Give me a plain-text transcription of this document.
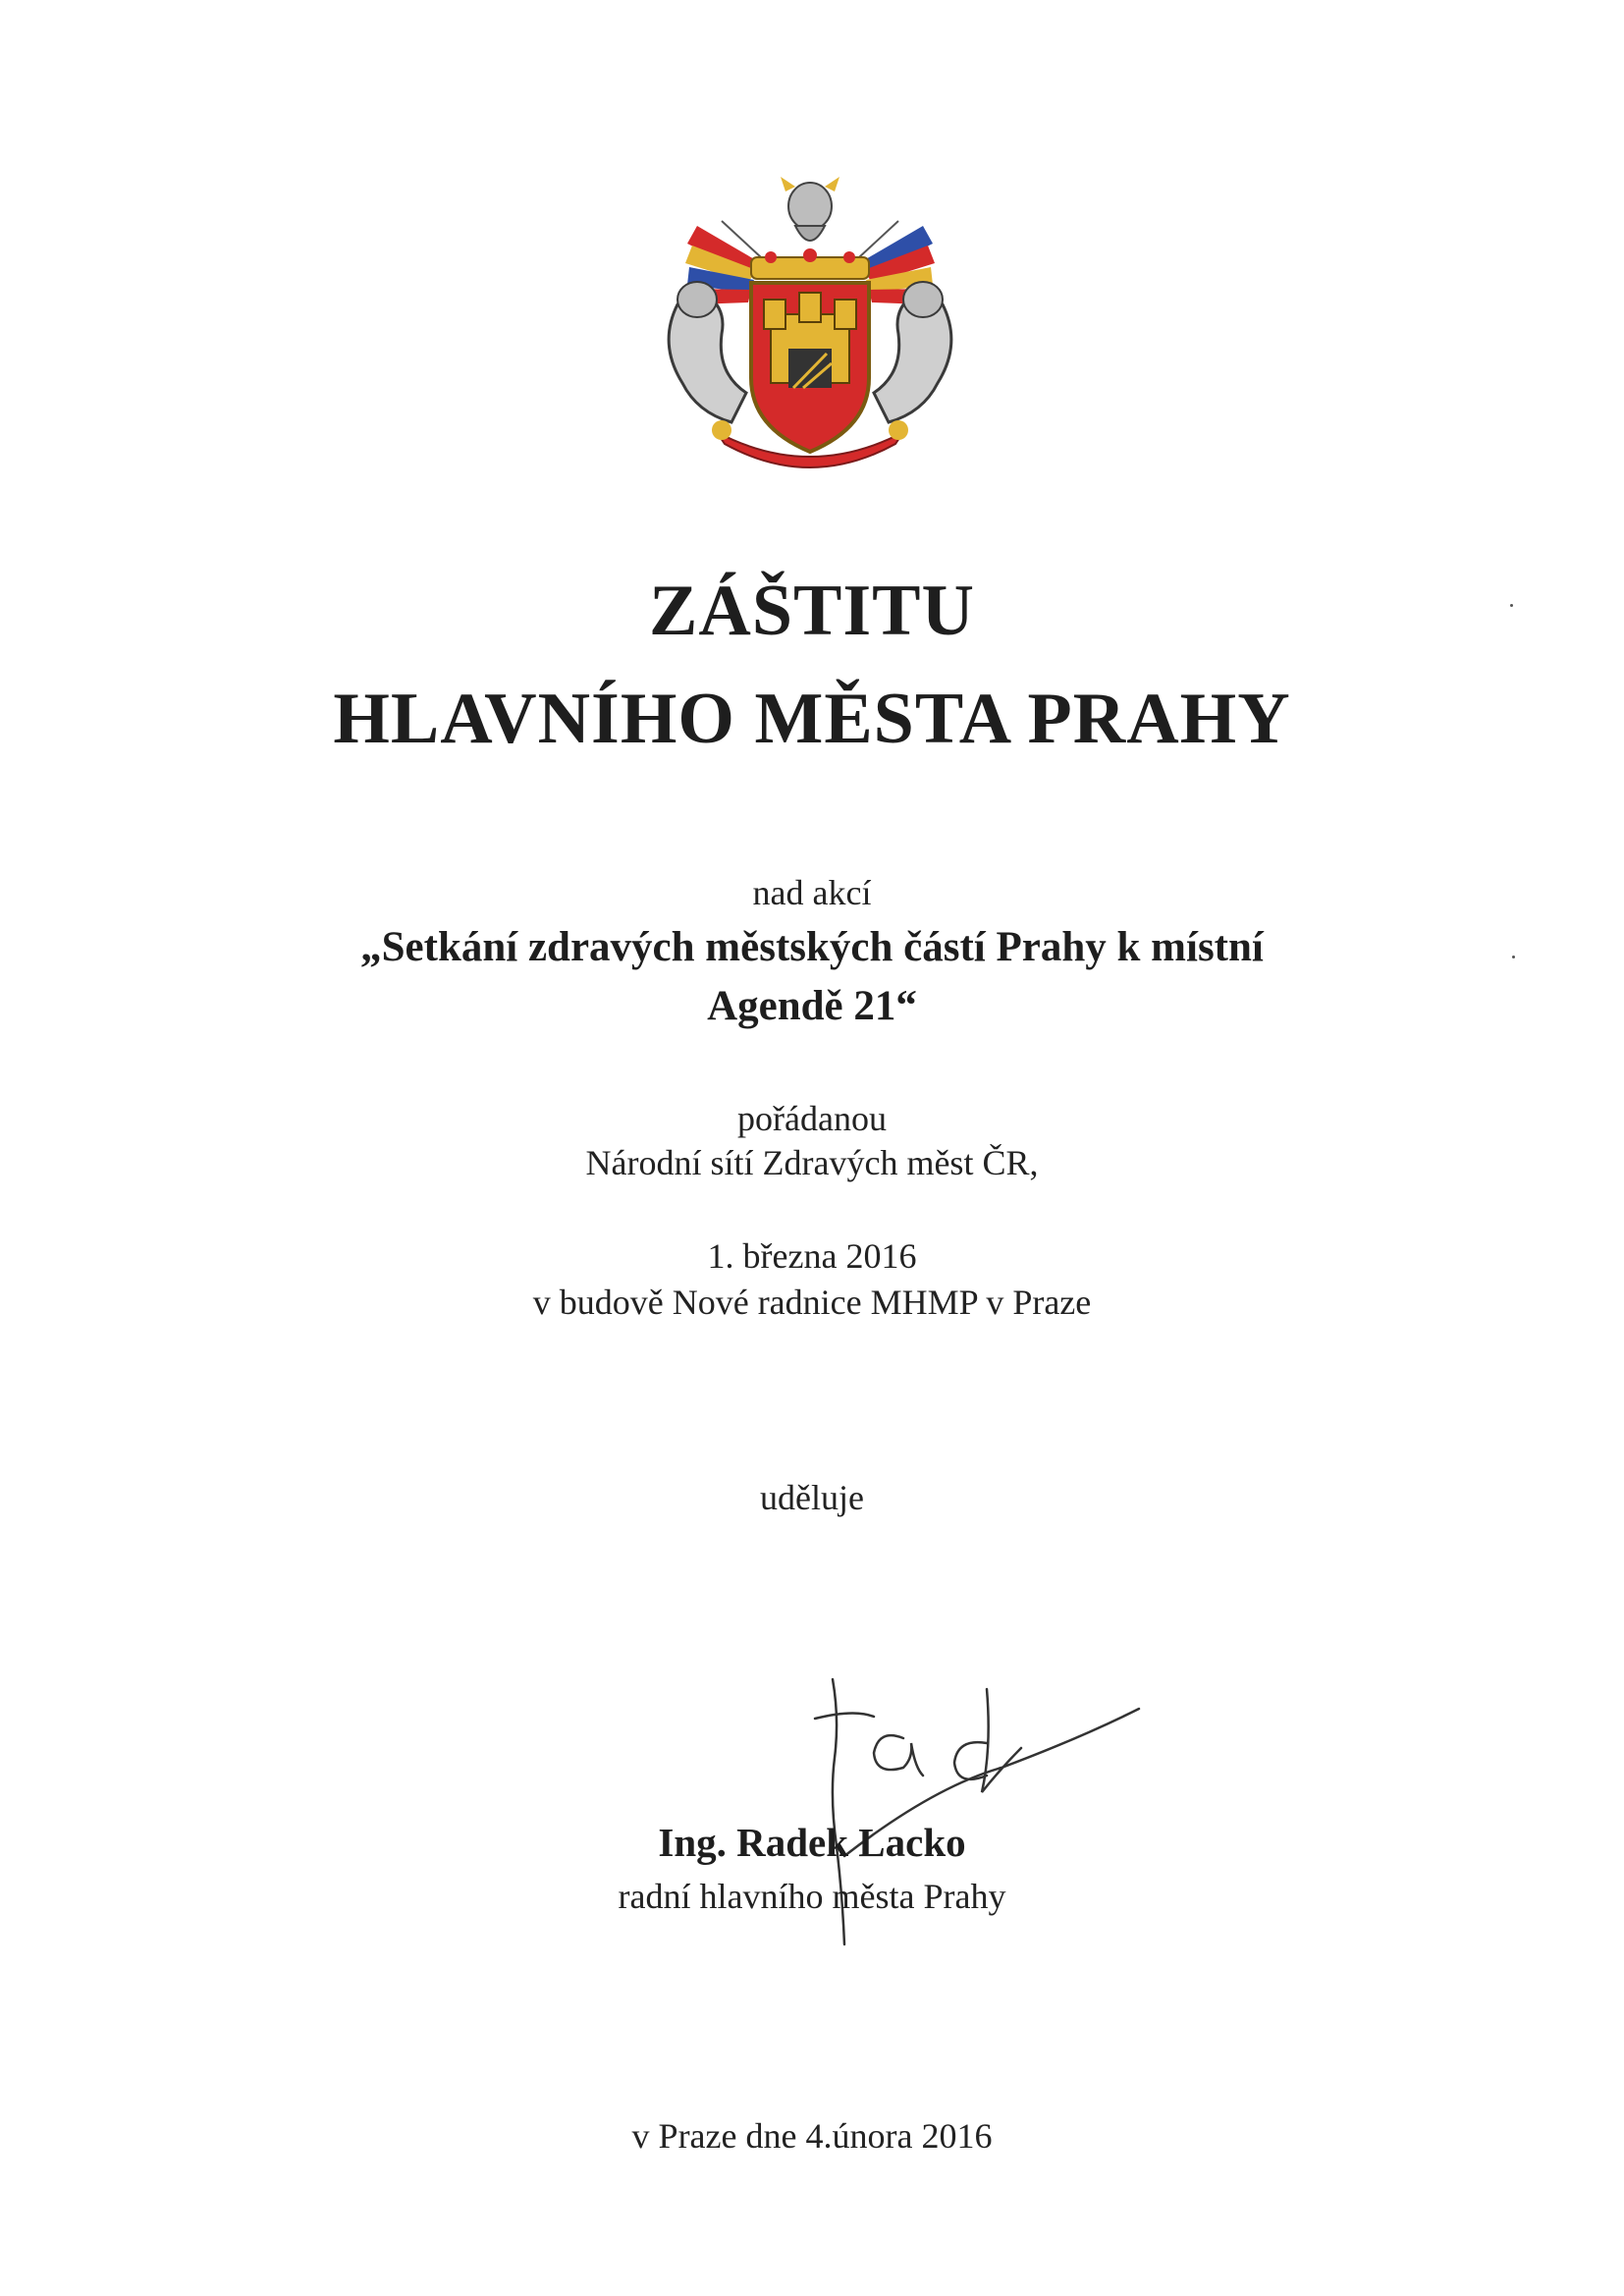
ZÁŠTITU
HLAVNÍHO MĚSTA PRAHY
nad akcí
„Setkání zdravých městských částí Prahy k místní
Agendě 21“
pořádanou
Národní sítí Zdravých měst ČR,
1. března 2016
v budově Nové radnice MHMP v Praze
uděluje
Ing. Radek Lacko
radní hlavního města Prahy
v Praze dne 4.února 2016
